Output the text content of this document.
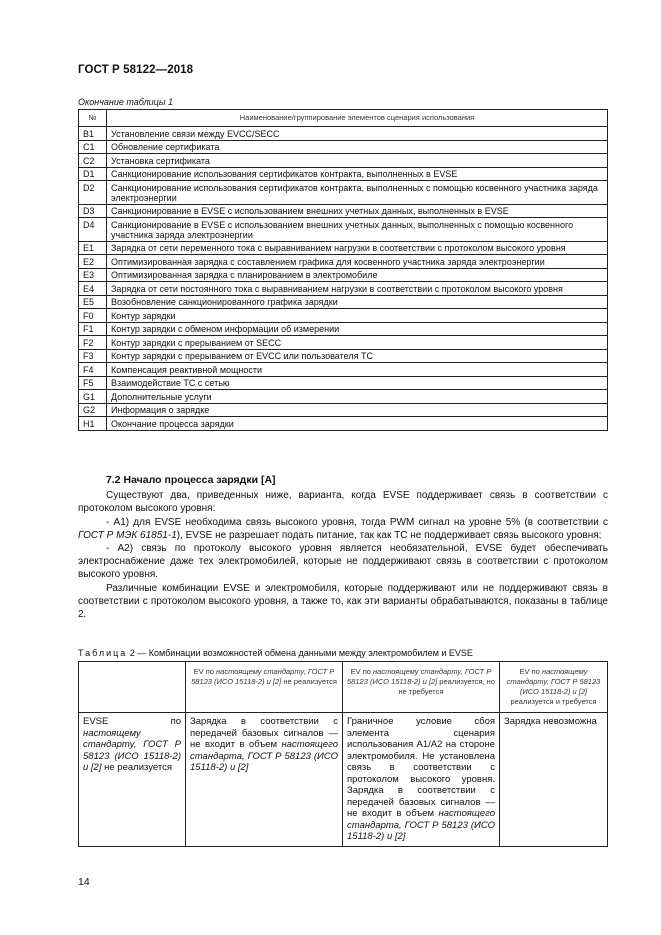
ГОСТ Р 58122—2018
Окончание таблицы 1
№	Наименование/группирование элементов сценария использования
B1	Установление связи между EVCC/SECC
C1	Обновление сертификата
C2	Установка сертификата
D1	Санкционирование использования сертификатов контракта, выполненных в EVSE
D2	Санкционирование использования сертификатов контракта, выполненных с помощью косвенного участника заряда электроэнергии
D3	Санкционирование в EVSE с использованием внешних учетных данных, выполненных в EVSE
D4	Санкционирование в EVSE с использованием внешних учетных данных, выполненных с помощью косвенного участника заряда электроэнергии
E1	Зарядка от сети переменного тока с выравниванием нагрузки в соответствии с протоколом высокого уровня
E2	Оптимизированная зарядка с составлением графика для косвенного участника заряда электроэнергии
E3	Оптимизированная зарядка с планированием в электромобиле
E4	Зарядка от сети постоянного тока с выравниванием нагрузки в соответствии с протоколом высокого уровня
E5	Возобновление санкционированного графика зарядки
F0	Контур зарядки
F1	Контур зарядки с обменом информации об измерении
F2	Контур зарядки с прерыванием от SECC
F3	Контур зарядки с прерыванием от EVCC или пользователя ТС
F4	Компенсация реактивной мощности
F5	Взаимодействие ТС с сетью
G1	Дополнительные услуги
G2	Информация о зарядке
H1	Окончание процесса зарядки
7.2 Начало процесса зарядки [А]

Существуют два, приведенных ниже, варианта, когда EVSE поддерживает связь в соответствии с протоколом высокого уровня:

- А1) для EVSE необходима связь высокого уровня, тогда PWM сигнал на уровне 5% (в соответствии с ГОСТ Р МЭК 61851-1), EVSE не разрешает подать питание, так как ТС не поддерживает связь высокого уровня;

- А2) связь по протоколу высокого уровня является необязательной, EVSE будет обеспечивать электроснабжение даже тех электромобилей, которые не поддерживают связь в соответствии с протоколом высокого уровня.

Различные комбинации EVSE и электромобиля, которые поддерживают или не поддерживают связь в соответствии с протоколом высокого уровня, а также то, как эти варианты обрабатываются, показаны в таблице 2.

Таблица 2 — Комбинации возможностей обмена данными между электромобилем и EVSE
	EV по настоящему стандарту, ГОСТ Р 58123 (ИСО 15118-2) и [2] не реализуется	EV по настоящему стандарту, ГОСТ Р 58123 (ИСО 15118-2) и [2] реализуется, но не требуется	EV по настоящему стандарту, ГОСТ Р 58123 (ИСО 15118-2) и [2] реализуется и требуется
EVSE по настоящему стандарту, ГОСТ Р 58123 (ИСО 15118-2) и [2] не реализуется	Зарядка в соответствии с передачей базовых сигналов — не входит в объем настоящего стандарта, ГОСТ Р 58123 (ИСО 15118-2) и [2]	Граничное условие сбоя элемента сценария использования А1/А2 на стороне электромобиля. Не установлена связь в соответствии с протоколом высокого уровня. Зарядка в соответствии с передачей базовых сигналов — не входит в объем настоящего стандарта, ГОСТ Р 58123 (ИСО 15118-2) и [2]	Зарядка невозможна
14
